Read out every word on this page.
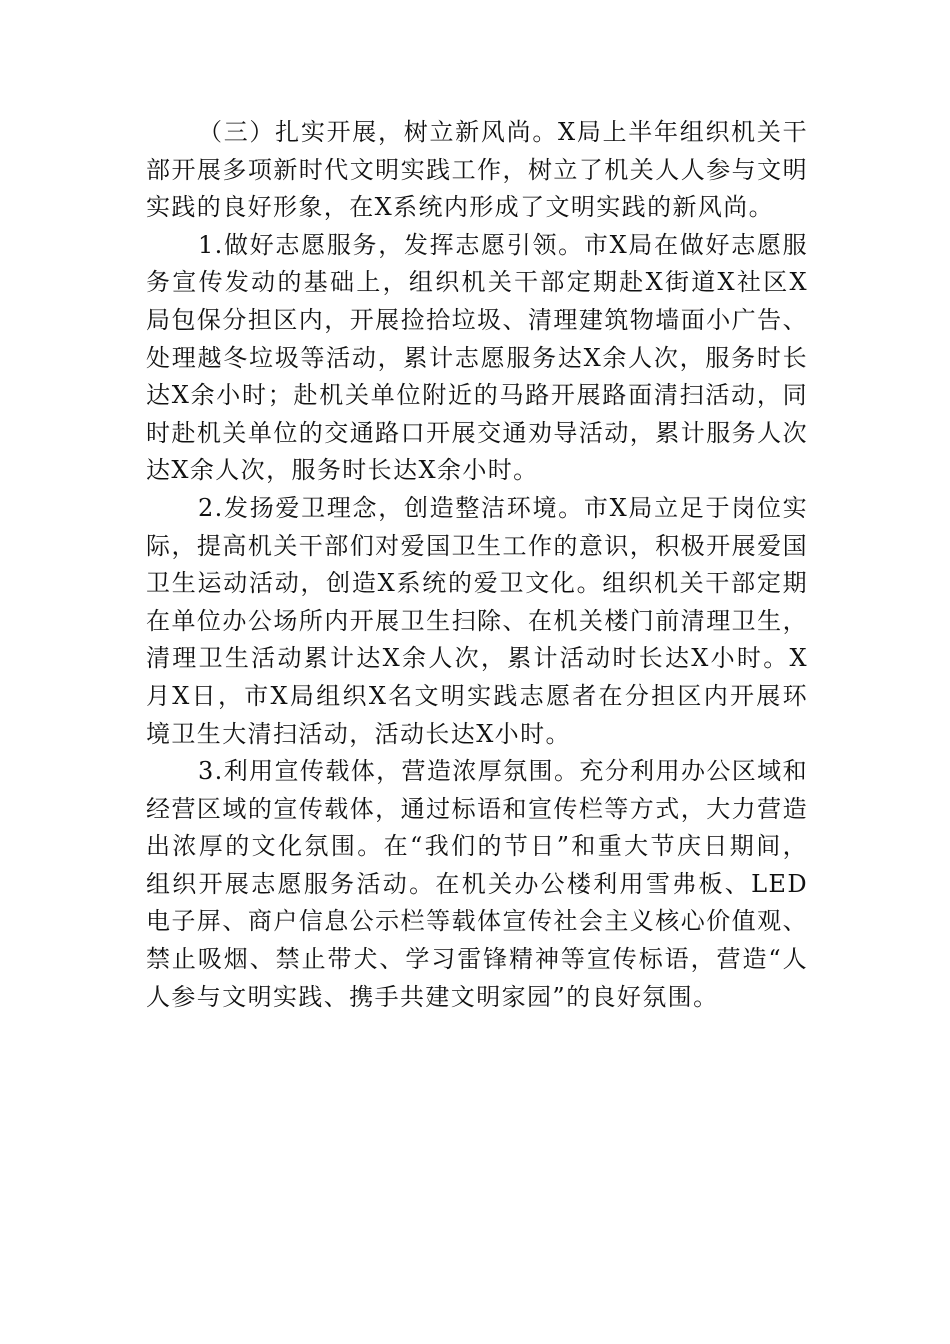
（三）扎实开展，树立新风尚。X局上半年组织机关干部开展多项新时代文明实践工作，树立了机关人人参与文明实践的良好形象，在X系统内形成了文明实践的新风尚。

1.做好志愿服务，发挥志愿引领。市X局在做好志愿服务宣传发动的基础上，组织机关干部定期赴X街道X社区X局包保分担区内，开展捡拾垃圾、清理建筑物墙面小广告、处理越冬垃圾等活动，累计志愿服务达X余人次，服务时长达X余小时；赴机关单位附近的马路开展路面清扫活动，同时赴机关单位的交通路口开展交通劝导活动，累计服务人次达X余人次，服务时长达X余小时。

2.发扬爱卫理念，创造整洁环境。市X局立足于岗位实际，提高机关干部们对爱国卫生工作的意识，积极开展爱国卫生运动活动，创造X系统的爱卫文化。组织机关干部定期在单位办公场所内开展卫生扫除、在机关楼门前清理卫生，清理卫生活动累计达X余人次，累计活动时长达X小时。X月X日，市X局组织X名文明实践志愿者在分担区内开展环境卫生大清扫活动，活动长达X小时。

3.利用宣传载体，营造浓厚氛围。充分利用办公区域和经营区域的宣传载体，通过标语和宣传栏等方式，大力营造出浓厚的文化氛围。在“我们的节日”和重大节庆日期间，组织开展志愿服务活动。在机关办公楼利用雪弗板、LED电子屏、商户信息公示栏等载体宣传社会主义核心价值观、禁止吸烟、禁止带犬、学习雷锋精神等宣传标语，营造“人人参与文明实践、携手共建文明家园”的良好氛围。
